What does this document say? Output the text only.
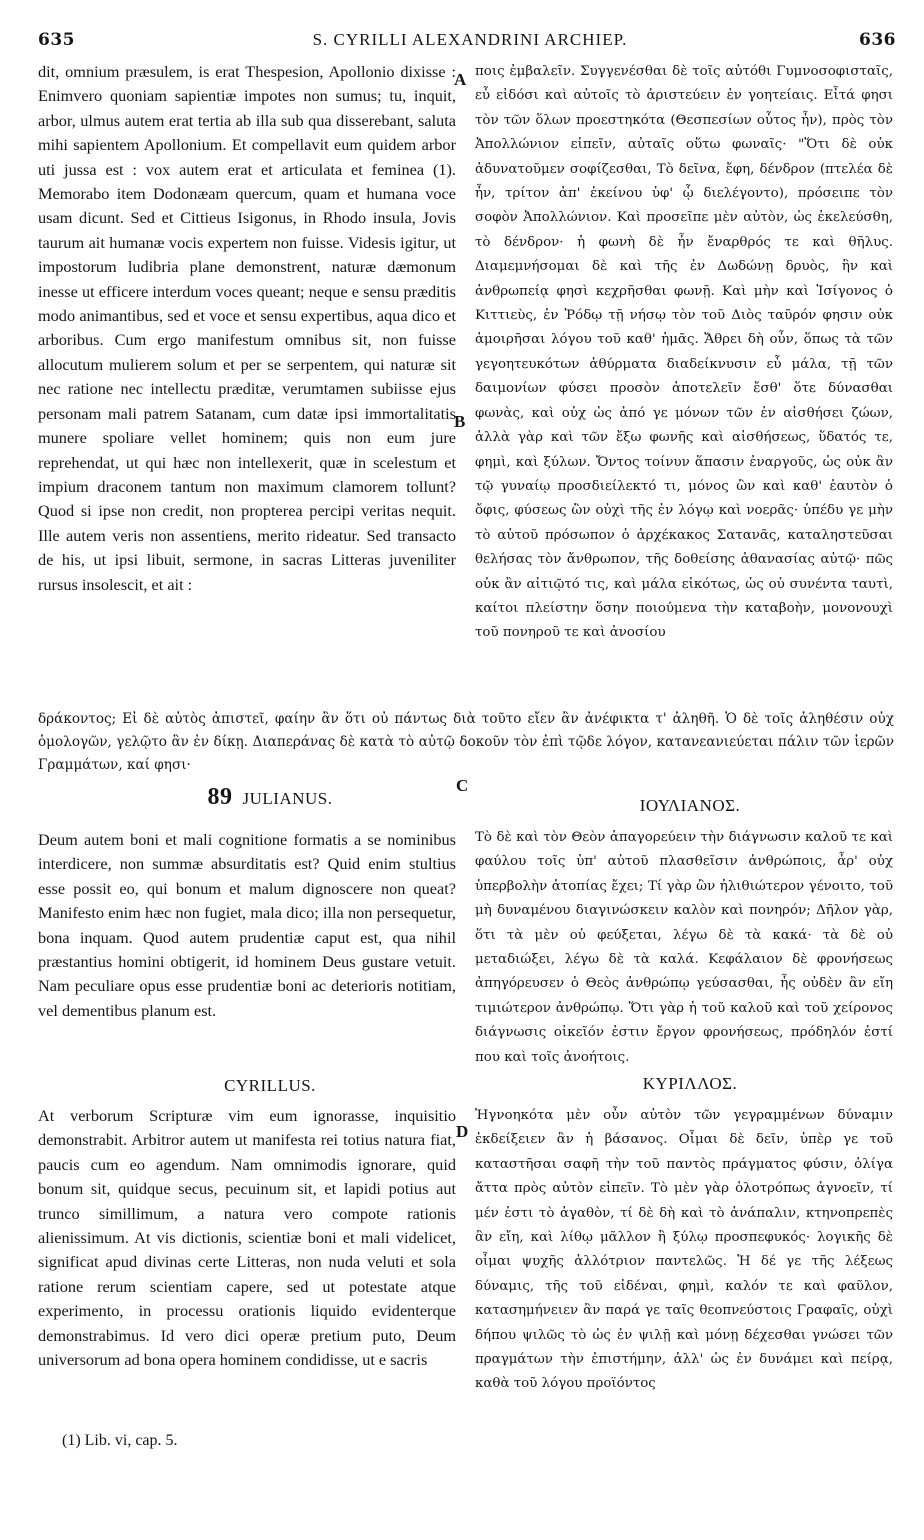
635	S. CYRILLI ALEXANDRINI ARCHIEP.	636
dit, omnium præsulem, is erat Thespesion, Apollonio dixisse : Enimvero quoniam sapientiæ impotes non sumus; tu, inquit, arbor, ulmus autem erat tertia ab illa sub qua disserebant, saluta mihi sapientem Apollonium. Et compellavit eum quidem arbor uti jussa est : vox autem erat et articulata et feminea (1). Memorabo item Dodonæam quercum, quam et humana voce usam dicunt. Sed et Cittieus Isigonus, in Rhodo insula, Jovis taurum ait humanæ vocis expertem non fuisse. Videsis igitur, ut impostorum ludibria plane demonstrent, naturæ dæmonum inesse ut efficere interdum voces queant; neque e sensu præditis modo animantibus, sed et voce et sensu expertibus, aqua dico et arboribus. Cum ergo manifestum omnibus sit, non fuisse allocutum mulierem solum et per se serpentem, qui naturæ sit nec ratione nec intellectu præditæ, verumtamen subiisse ejus personam mali patrem Satanam, cum datæ ipsi immortalitatis munere spoliare vellet hominem; quis non eum jure reprehendat, ut qui hæc non intellexerit, quæ in scelestum et impium draconem tantum non maximum clamorem tollunt? Quod si ipse non credit, non propterea percipi veritas nequit. Ille autem veris non assentiens, merito rideatur. Sed transacto de his, ut ipsi libuit, sermone, in sacras Litteras juveniliter rursus insolescit, et ait :
ποις ἐμβαλεῖν. Συγγενέσθαι δὲ τοῖς αὐτόθι Γυμνοσοφισταῖς, εὖ εἰδόσι καὶ αὐτοῖς τὸ ἀριστεύειν ἐν γοητείαις. Εἶτά φησι τὸν τῶν ὅλων προεστηκότα (Θεσπεσίων οὗτος ἦν), πρὸς τὸν Ἀπολλώνιον εἰπεῖν, αὐταῖς οὕτω φωναῖς· "Ὅτι δὲ οὐκ ἀδυνατοῦμεν σοφίζεσθαι, Τὸ δεῖνα, ἔφη, δένδρον (πτελέα δὲ ἦν, τρίτον ἀπ' ἐκείνου ὑφ' ᾧ διελέγοντο), πρόσειπε τὸν σοφὸν Ἀπολλώνιον. Καὶ προσεῖπε μὲν αὐτὸν, ὡς ἐκελεύσθη, τὸ δένδρον· ἡ φωνὴ δὲ ἦν ἔναρθρός τε καὶ θῆλυς. Διαμεμνήσομαι δὲ καὶ τῆς ἐν Δωδώνῃ δρυὸς, ἣν καὶ ἀνθρωπείᾳ φησὶ κεχρῆσθαι φωνῇ. Καὶ μὴν καὶ Ἰσίγονος ὁ Κιττιεὺς, ἐν Ῥόδῳ τῇ νήσῳ τὸν τοῦ Διὸς ταῦρόν φησιν οὐκ ἀμοιρῆσαι λόγου τοῦ καθ' ἡμᾶς. Ἄθρει δὴ οὖν, ὅπως τὰ τῶν γεγοητευκότων ἀθύρματα διαδείκνυσιν εὖ μάλα, τῇ τῶν δαιμονίων φύσει προσὸν ἀποτελεῖν ἔσθ' ὅτε δύνασθαι φωνὰς, καὶ οὐχ ὡς ἀπό γε μόνων τῶν ἐν αἰσθήσει ζώων, ἀλλὰ γὰρ καὶ τῶν ἔξω φωνῆς καὶ αἰσθήσεως, ὕδατός τε, φημὶ, καὶ ξύλων. Ὄντος τοίνυν ἅπασιν ἐναργοῦς, ὡς οὐκ ἂν τῷ γυναίῳ προσδιείλεκτό τι, μόνος ὢν καὶ καθ' ἑαυτὸν ὁ ὄφις, φύσεως ὢν οὐχὶ τῆς ἐν λόγῳ καὶ νοερᾶς· ὑπέδυ γε μὴν τὸ αὐτοῦ πρόσωπον ὁ ἀρχέκακος Σατανᾶς, καταληστεῦσαι θελήσας τὸν ἄνθρωπον, τῆς δοθείσης ἀθανασίας αὐτῷ· πῶς οὐκ ἂν αἰτιῷτό τις, καὶ μάλα εἰκότως, ὡς οὐ συνέντα ταυτὶ, καίτοι πλείστην ὅσην ποιούμενα τὴν καταβοὴν, μονονουχὶ τοῦ πονηροῦ τε καὶ ἀνοσίου
A
B
δράκοντος; Εἰ δὲ αὐτὸς ἀπιστεῖ, φαίην ἂν ὅτι οὐ πάντως διὰ τοῦτο εἴεν ἂν ἀνέφικτα τ' ἀληθῆ. Ὁ δὲ τοῖς ἀληθέσιν οὐχ ὁμολογῶν, γελῷτο ἂν ἐν δίκῃ. Διαπεράνας δὲ κατὰ τὸ αὐτῷ δοκοῦν τὸν ἐπὶ τῷδε λόγον, κατανεανιεύεται πάλιν τῶν ἱερῶν Γραμμάτων, καί φησι·
C
89 JULIANUS.	ΙΟΥΛΙΑΝΟΣ.
Deum autem boni et mali cognitione formatis a se nominibus interdicere, non summæ absurditatis est? Quid enim stultius esse possit eo, qui bonum et malum dignoscere non queat? Manifesto enim hæc non fugiet, mala dico; illa non persequetur, bona inquam. Quod autem prudentiæ caput est, qua nihil præstantius homini obtigerit, id hominem Deus gustare vetuit. Nam peculiare opus esse prudentiæ boni ac deterioris notitiam, vel dementibus planum est.
Τὸ δὲ καὶ τὸν Θεὸν ἀπαγορεύειν τὴν διάγνωσιν καλοῦ τε καὶ φαύλου τοῖς ὑπ' αὐτοῦ πλασθεῖσιν ἀνθρώποις, ἆρ' οὐχ ὑπερβολὴν ἀτοπίας ἔχει; Τί γὰρ ὢν ἠλιθιώτερον γένοιτο, τοῦ μὴ δυναμένου διαγινώσκειν καλὸν καὶ πονηρόν; Δῆλον γὰρ, ὅτι τὰ μὲν οὐ φεύξεται, λέγω δὲ τὰ κακά· τὰ δὲ οὐ μεταδιώξει, λέγω δὲ τὰ καλά. Κεφάλαιον δὲ φρονήσεως ἀπηγόρευσεν ὁ Θεὸς ἀνθρώπῳ γεύσασθαι, ἧς οὐδὲν ἂν εἴη τιμιώτερον ἀνθρώπῳ. Ὅτι γὰρ ἡ τοῦ καλοῦ καὶ τοῦ χείρονος διάγνωσις οἰκεῖόν ἐστιν ἔργον φρονήσεως, πρόδηλόν ἐστί που καὶ τοῖς ἀνοήτοις.
CYRILLUS.	ΚΥΡΙΛΛΟΣ.
At verborum Scripturæ vim eum ignorasse, inquisitio demonstrabit. Arbitror autem ut manifesta rei totius natura fiat, paucis cum eo agendum. Nam omnimodis ignorare, quid bonum sit, quidque secus, pecuinum sit, et lapidi potius aut trunco simillimum, a natura vero compote rationis alienissimum. At vis dictionis, scientiæ boni et mali videlicet, significat apud divinas certe Litteras, non nuda veluti et sola ratione rerum scientiam capere, sed ut potestate atque experimento, in processu orationis liquido evidenterque demonstrabimus. Id vero dici operæ pretium puto, Deum universorum ad bona opera hominem condidisse, ut e sacris
Ἠγνοηκότα μὲν οὖν αὐτὸν τῶν γεγραμμένων δύναμιν ἐκδείξειεν ἂν ἡ βάσανος. Οἶμαι δὲ δεῖν, ὑπὲρ γε τοῦ καταστῆσαι σαφῆ τὴν τοῦ παντὸς πράγματος φύσιν, ὀλίγα ἄττα πρὸς αὐτὸν εἰπεῖν. Τὸ μὲν γὰρ ὁλοτρόπως ἀγνοεῖν, τί μέν ἐστι τὸ ἀγαθὸν, τί δὲ δὴ καὶ τὸ ἀνάπαλιν, κτηνοπρεπὲς ἂν εἴη, καὶ λίθῳ μᾶλλον ἢ ξύλῳ προσπεφυκός· λογικῆς δὲ οἶμαι ψυχῆς ἀλλότριον παντελῶς. Ἡ δέ γε τῆς λέξεως δύναμις, τῆς τοῦ εἰδέναι, φημὶ, καλόν τε καὶ φαῦλον, κατασημήνειεν ἂν παρά γε ταῖς θεοπνεύστοις Γραφαῖς, οὐχὶ δήπου ψιλῶς τὸ ὡς ἐν ψιλῇ καὶ μόνῃ δέχεσθαι γνώσει τῶν πραγμάτων τὴν ἐπιστήμην, ἀλλ' ὡς ἐν δυνάμει καὶ πείρᾳ, καθὰ τοῦ λόγου προϊόντος
D
(1) Lib. vi, cap. 5.
